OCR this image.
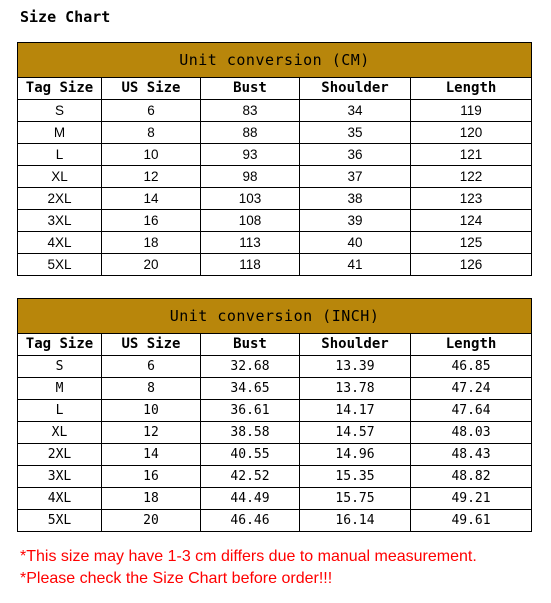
Size Chart
Unit conversion (CM)				
Tag Size	US Size	Bust	Shoulder	Length
S	6	83	34	119
M	8	88	35	120
L	10	93	36	121
XL	12	98	37	122
2XL	14	103	38	123
3XL	16	108	39	124
4XL	18	113	40	125
5XL	20	118	41	126
Unit conversion (INCH)				
Tag Size	US Size	Bust	Shoulder	Length
S	6	32.68	13.39	46.85
M	8	34.65	13.78	47.24
L	10	36.61	14.17	47.64
XL	12	38.58	14.57	48.03
2XL	14	40.55	14.96	48.43
3XL	16	42.52	15.35	48.82
4XL	18	44.49	15.75	49.21
5XL	20	46.46	16.14	49.61
*This size may have 1-3 cm differs due to manual measurement.
*Please check the Size Chart before order!!!
